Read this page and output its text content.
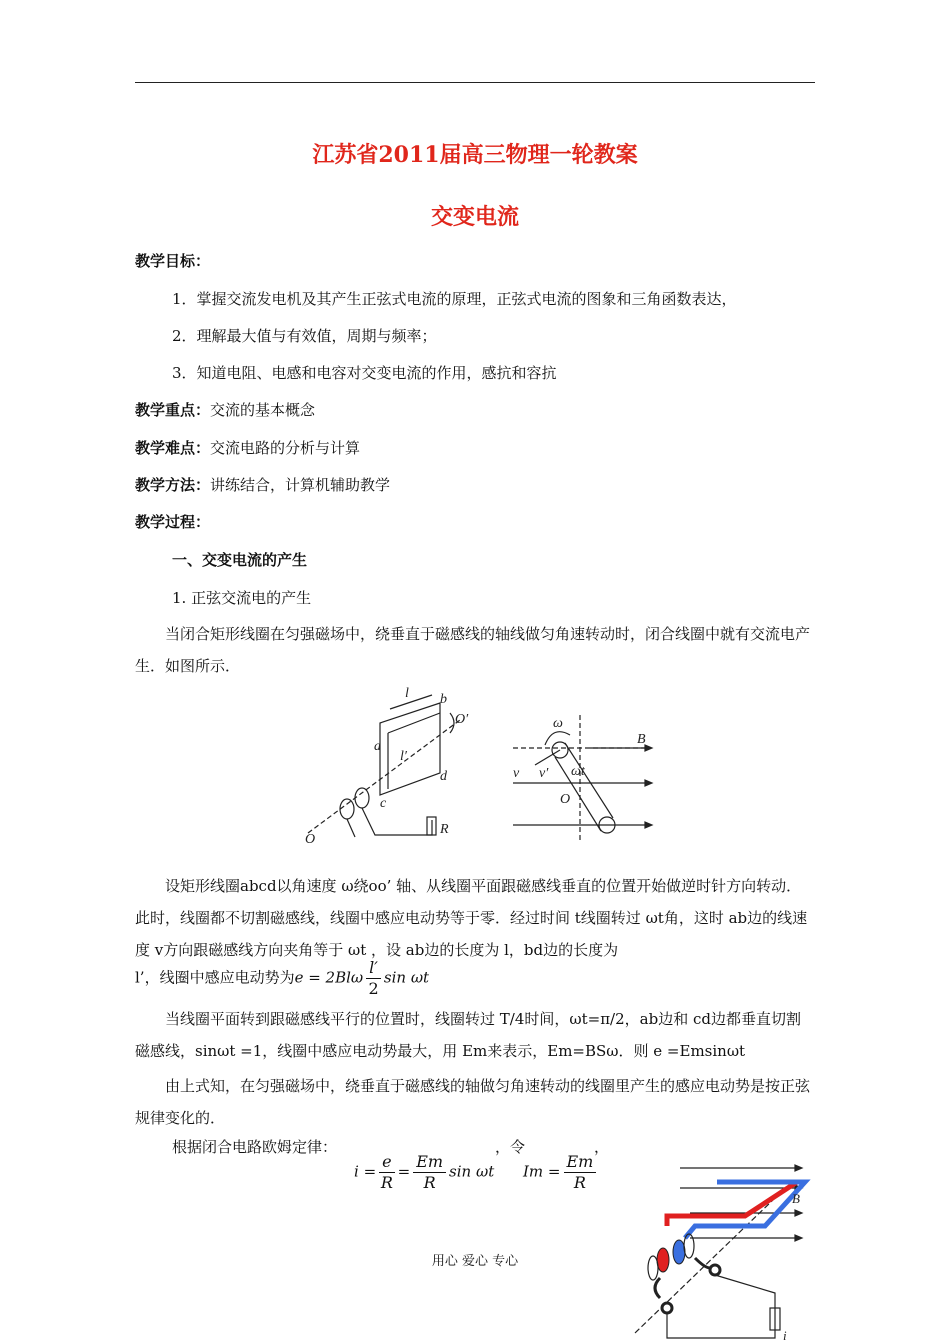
江苏省2011届高三物理一轮教案
交变电流
教学目标：
1．掌握交流发电机及其产生正弦式电流的原理，正弦式电流的图象和三角函数表达，
2．理解最大值与有效值，周期与频率；
3．知道电阻、电感和电容对交变电流的作用，感抗和容抗
教学重点：交流的基本概念
教学难点：交流电路的分析与计算
教学方法：讲练结合，计算机辅助教学
教学过程：
一、交变电流的产生
1. 正弦交流电的产生
当闭合矩形线圈在匀强磁场中，绕垂直于磁感线的轴线做匀角速转动时，闭合线圈中就有交流电产生．如图所示．
l b
O′
a
l′
d
c
O
R
ω
B
v v′ ωt
O
设矩形线圈abcd以角速度 ω绕oo’ 轴、从线圈平面跟磁感线垂直的位置开始做逆时针方向转动．此时，线圈都不切割磁感线，线圈中感应电动势等于零．经过时间 t线圈转过 ωt角，这时 ab边的线速度 v方向跟磁感线方向夹角等于 ωt ，设 ab边的长度为 l，bd边的长度为
l’，线圈中感应电动势为$e = 2Bl\omega \frac{l'}{2}$ sin ωt
当线圈平面转到跟磁感线平行的位置时，线圈转过 T/4时间，ωt=π/2，ab边和 cd边都垂直切割磁感线，sinωt =1，线圈中感应电动势最大，用 Em来表示，Em=BSω．则 e =Emsinωt
由上式知，在匀强磁场中，绕垂直于磁感线的轴做匀角速转动的线圈里产生的感应电动势是按正弦规律变化的．
根据闭合电路欧姆定律：
$i = \frac{e}{R} = \frac{Em}{R}$ sin ωt
，令
$Im = \frac{Em}{R}$
，
B
i
用心 爱心 专心
